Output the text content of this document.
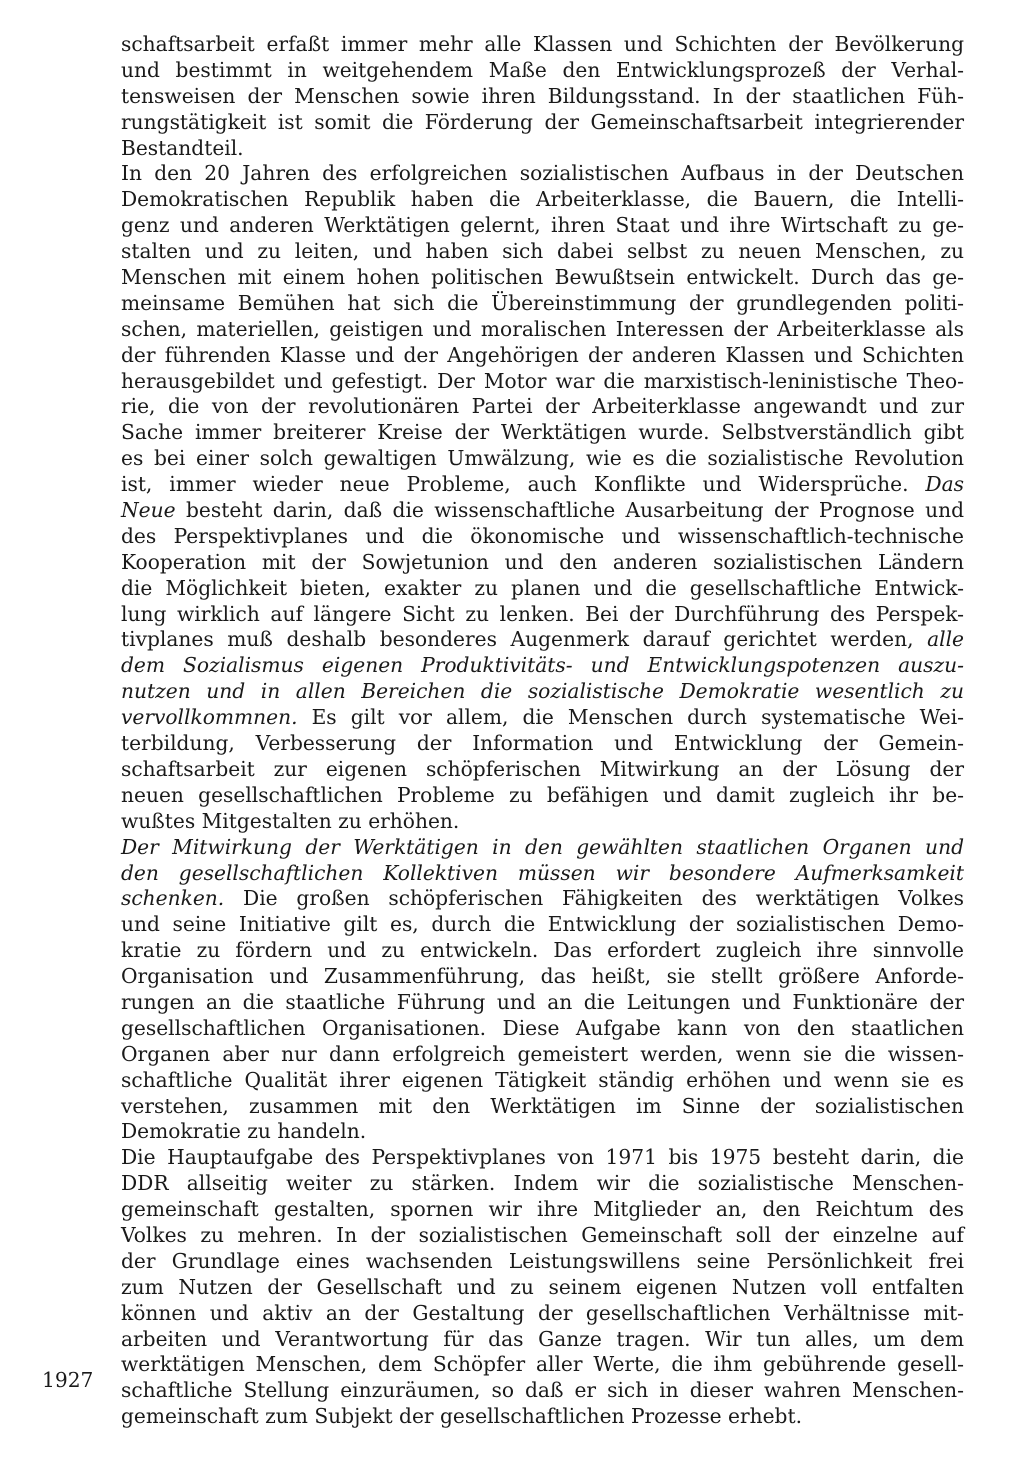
schaftsarbeit erfaßt immer mehr alle Klassen und Schichten der Bevölkerung
und bestimmt in weitgehendem Maße den Entwicklungsprozeß der Verhal-
tensweisen der Menschen sowie ihren Bildungsstand. In der staatlichen Füh-
rungstätigkeit ist somit die Förderung der Gemeinschaftsarbeit integrierender
Bestandteil.
In den 20 Jahren des erfolgreichen sozialistischen Aufbaus in der Deutschen
Demokratischen Republik haben die Arbeiterklasse, die Bauern, die Intelli-
genz und anderen Werktätigen gelernt, ihren Staat und ihre Wirtschaft zu ge-
stalten und zu leiten, und haben sich dabei selbst zu neuen Menschen, zu
Menschen mit einem hohen politischen Bewußtsein entwickelt. Durch das ge-
meinsame Bemühen hat sich die Übereinstimmung der grundlegenden politi-
schen, materiellen, geistigen und moralischen Interessen der Arbeiterklasse als
der führenden Klasse und der Angehörigen der anderen Klassen und Schichten
herausgebildet und gefestigt. Der Motor war die marxistisch-leninistische Theo-
rie, die von der revolutionären Partei der Arbeiterklasse angewandt und zur
Sache immer breiterer Kreise der Werktätigen wurde. Selbstverständlich gibt
es bei einer solch gewaltigen Umwälzung, wie es die sozialistische Revolution
ist, immer wieder neue Probleme, auch Konflikte und Widersprüche. Das
Neue besteht darin, daß die wissenschaftliche Ausarbeitung der Prognose und
des Perspektivplanes und die ökonomische und wissenschaftlich-technische
Kooperation mit der Sowjetunion und den anderen sozialistischen Ländern
die Möglichkeit bieten, exakter zu planen und die gesellschaftliche Entwick-
lung wirklich auf längere Sicht zu lenken. Bei der Durchführung des Perspek-
tivplanes muß deshalb besonderes Augenmerk darauf gerichtet werden, alle
dem Sozialismus eigenen Produktivitäts- und Entwicklungspotenzen auszu-
nutzen und in allen Bereichen die sozialistische Demokratie wesentlich zu
vervollkommnen. Es gilt vor allem, die Menschen durch systematische Wei-
terbildung, Verbesserung der Information und Entwicklung der Gemein-
schaftsarbeit zur eigenen schöpferischen Mitwirkung an der Lösung der
neuen gesellschaftlichen Probleme zu befähigen und damit zugleich ihr be-
wußtes Mitgestalten zu erhöhen.
Der Mitwirkung der Werktätigen in den gewählten staatlichen Organen und
den gesellschaftlichen Kollektiven müssen wir besondere Aufmerksamkeit
schenken. Die großen schöpferischen Fähigkeiten des werktätigen Volkes
und seine Initiative gilt es, durch die Entwicklung der sozialistischen Demo-
kratie zu fördern und zu entwickeln. Das erfordert zugleich ihre sinnvolle
Organisation und Zusammenführung, das heißt, sie stellt größere Anforde-
rungen an die staatliche Führung und an die Leitungen und Funktionäre der
gesellschaftlichen Organisationen. Diese Aufgabe kann von den staatlichen
Organen aber nur dann erfolgreich gemeistert werden, wenn sie die wissen-
schaftliche Qualität ihrer eigenen Tätigkeit ständig erhöhen und wenn sie es
verstehen, zusammen mit den Werktätigen im Sinne der sozialistischen
Demokratie zu handeln.
Die Hauptaufgabe des Perspektivplanes von 1971 bis 1975 besteht darin, die
DDR allseitig weiter zu stärken. Indem wir die sozialistische Menschen-
gemeinschaft gestalten, spornen wir ihre Mitglieder an, den Reichtum des
Volkes zu mehren. In der sozialistischen Gemeinschaft soll der einzelne auf
der Grundlage eines wachsenden Leistungswillens seine Persönlichkeit frei
zum Nutzen der Gesellschaft und zu seinem eigenen Nutzen voll entfalten
können und aktiv an der Gestaltung der gesellschaftlichen Verhältnisse mit-
arbeiten und Verantwortung für das Ganze tragen. Wir tun alles, um dem
werktätigen Menschen, dem Schöpfer aller Werte, die ihm gebührende gesell-
schaftliche Stellung einzuräumen, so daß er sich in dieser wahren Menschen-
gemeinschaft zum Subjekt der gesellschaftlichen Prozesse erhebt.
1927
